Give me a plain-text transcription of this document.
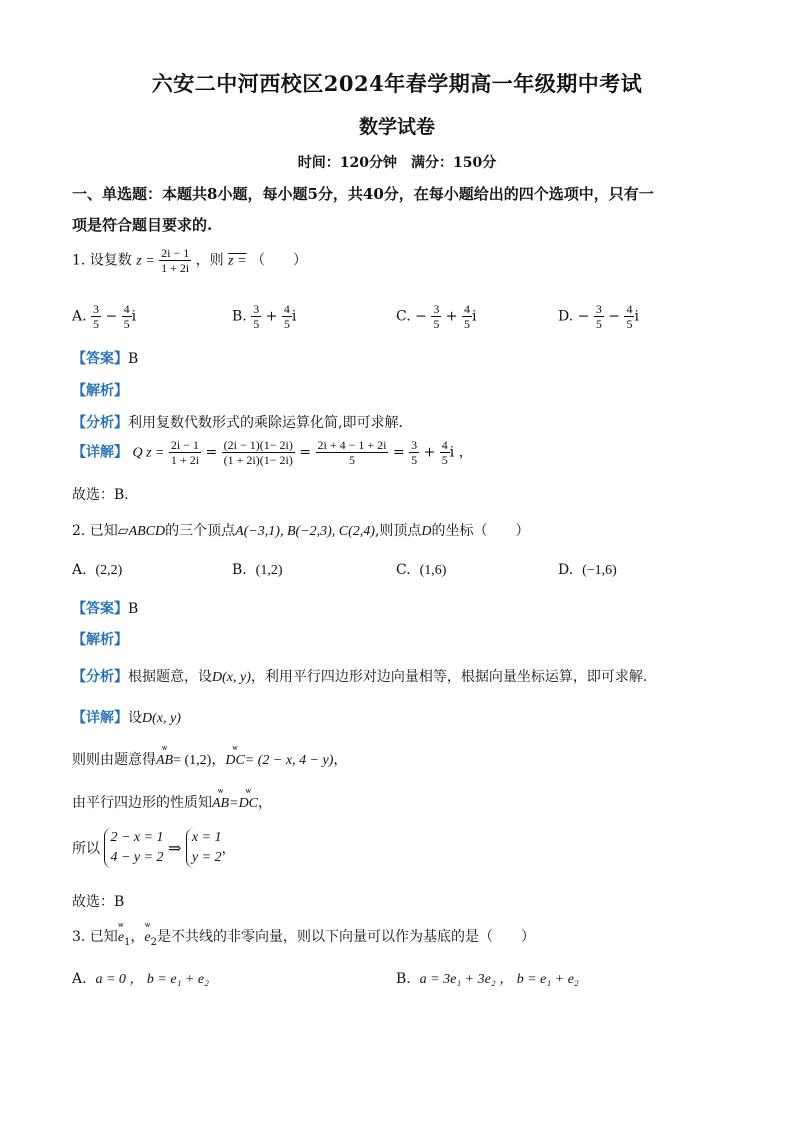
六安二中河西校区2024年春学期高一年级期中考试
数学试卷
时间：120分钟　满分：150分
一、单选题：本题共8小题，每小题5分，共40分，在每小题给出的四个选项中，只有一
项是符合题目要求的.
1. 设复数 $z = \frac{2i - 1}{1 + 2i}$ ，则 z = （　　）
A. $\frac{3}{5} - \frac{4}{5}$ i	B. $\frac{3}{5} + \frac{4}{5}$ i	C. − $\frac{3}{5} + \frac{4}{5}$ i	D. − $\frac{3}{5} - \frac{4}{5}$ i
【答案】B
【解析】
【分析】利用复数代数形式的乘除运算化简,即可求解．
【详解】 Q $z = \frac{2i - 1}{1 + 2i} = \frac{(2i - 1)(1- 2i)}{(1 + 2i)(1- 2i)} = \frac{2i + 4 - 1 + 2i}{5} = \frac{3}{5} + \frac{4}{5}$ i ，
故选：B．
2. 已知▱ABCD的三个顶点A(−3,1), B(−2,3), C(2,4),则顶点D的坐标（　　）
A. (2,2)	B. (1,2)	C. (1,6)	D. (−1,6)
【答案】B
【解析】
【分析】根据题意，设D(x, y)，利用平行四边形对边向量相等，根据向量坐标运算，即可求解.
【详解】设D(x, y)
则则由题意得ѡ AB= (1,2)，ѡ DC= (2 − x, 4 − y)，
由平行四边形的性质知ѡ AB=ѡ DC，
所以
2 − x = 1
4 − y = 2 ⇒
x = 1
y = 2
，
故选：B
3. 已知ѡ $e_1$，ѡ $e_2$是不共线的非零向量，则以下向量可以作为基底的是（　　）
A. a = 0 ， b = e₁ + e₂	B. a = 3e₁ + 3e₂ ， b = e₁ + e₂
